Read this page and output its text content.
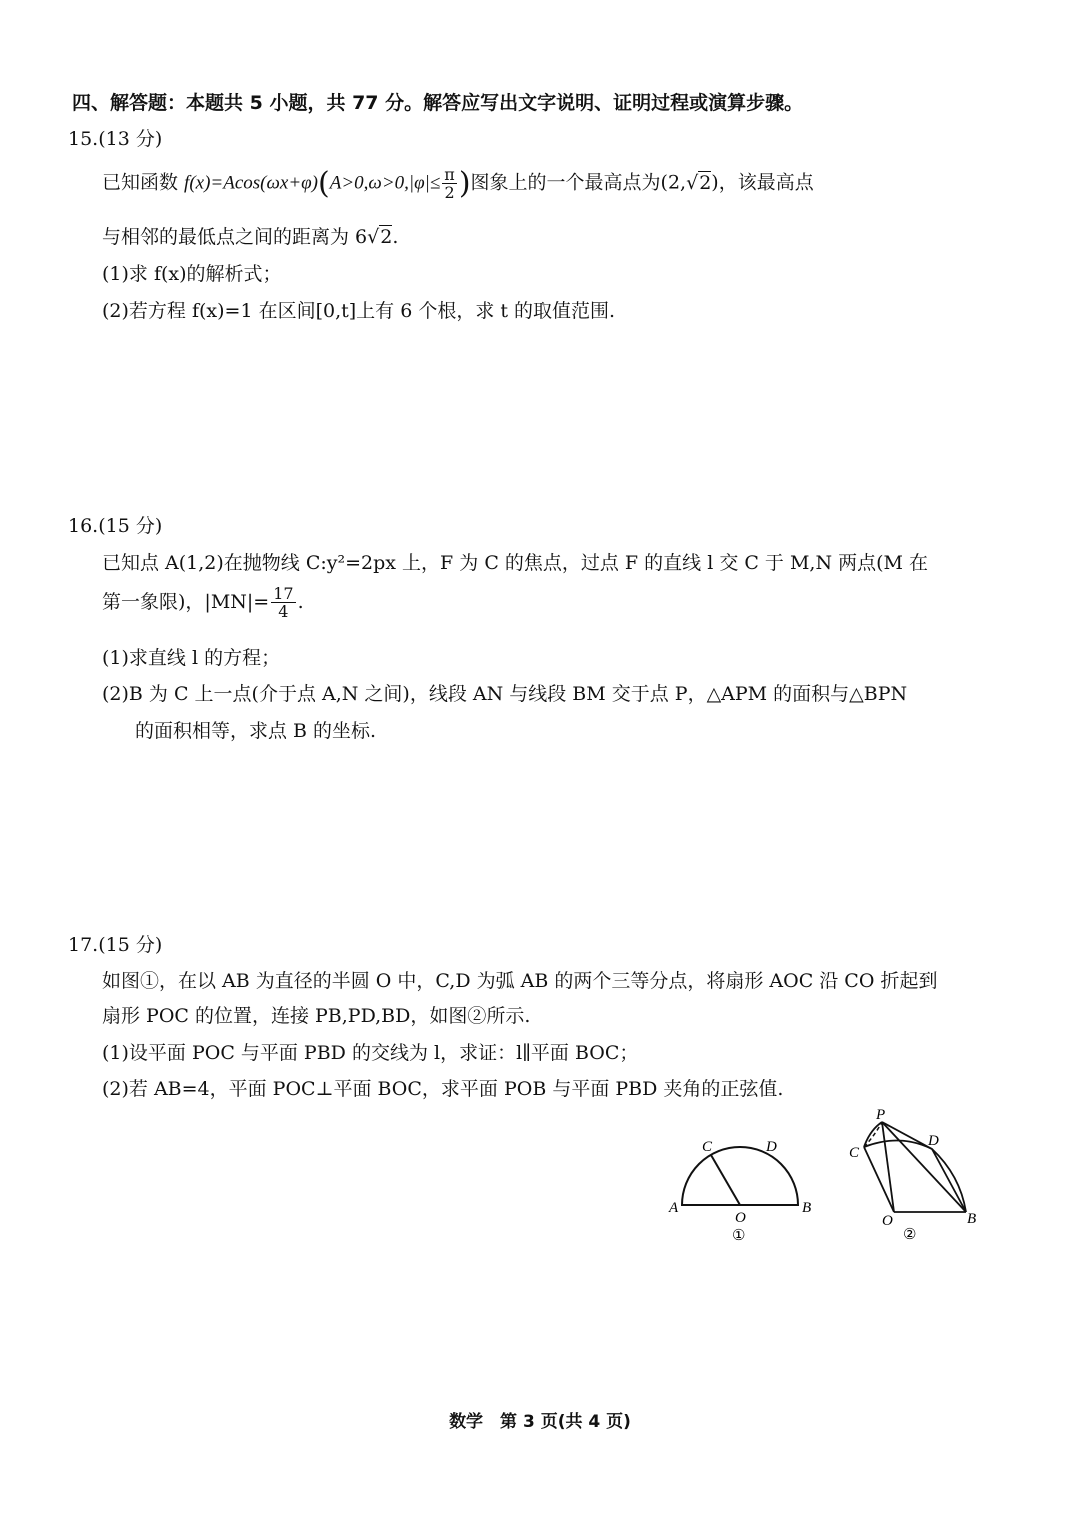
四、解答题：本题共 5 小题，共 77 分。解答应写出文字说明、证明过程或演算步骤。
15.(13 分)
已知函数 $f(x)=Acos(\omega x+\varphi)(A>0,\omega>0,|\varphi|\le \frac{\pi}{2}$ )图象上的一个最高点为(2,√2)，该最高点
与相邻的最低点之间的距离为 6√2.
(1)求 f(x)的解析式；
(2)若方程 f(x)=1 在区间[0,t]上有 6 个根，求 t 的取值范围.
16.(15 分)
已知点 A(1,2)在抛物线 C:y²=2px 上，F 为 C 的焦点，过点 F 的直线 l 交 C 于 M,N 两点(M 在
第一象限)，$|MN|= \frac{17}{4}$ .
(1)求直线 l 的方程；
(2)B 为 C 上一点(介于点 A,N 之间)，线段 AN 与线段 BM 交于点 P，△APM 的面积与△BPN
的面积相等，求点 B 的坐标.
17.(15 分)
如图①，在以 AB 为直径的半圆 O 中，C,D 为弧 AB 的两个三等分点，将扇形 AOC 沿 CO 折起到
扇形 POC 的位置，连接 PB,PD,BD，如图②所示.
(1)设平面 POC 与平面 PBD 的交线为 l，求证：l∥平面 BOC；
(2)若 AB=4，平面 POC⊥平面 BOC，求平面 POB 与平面 PBD 夹角的正弦值.
C	D
A
O
B
①
P
C
D
O	B
②
数学　第 3 页(共 4 页)
